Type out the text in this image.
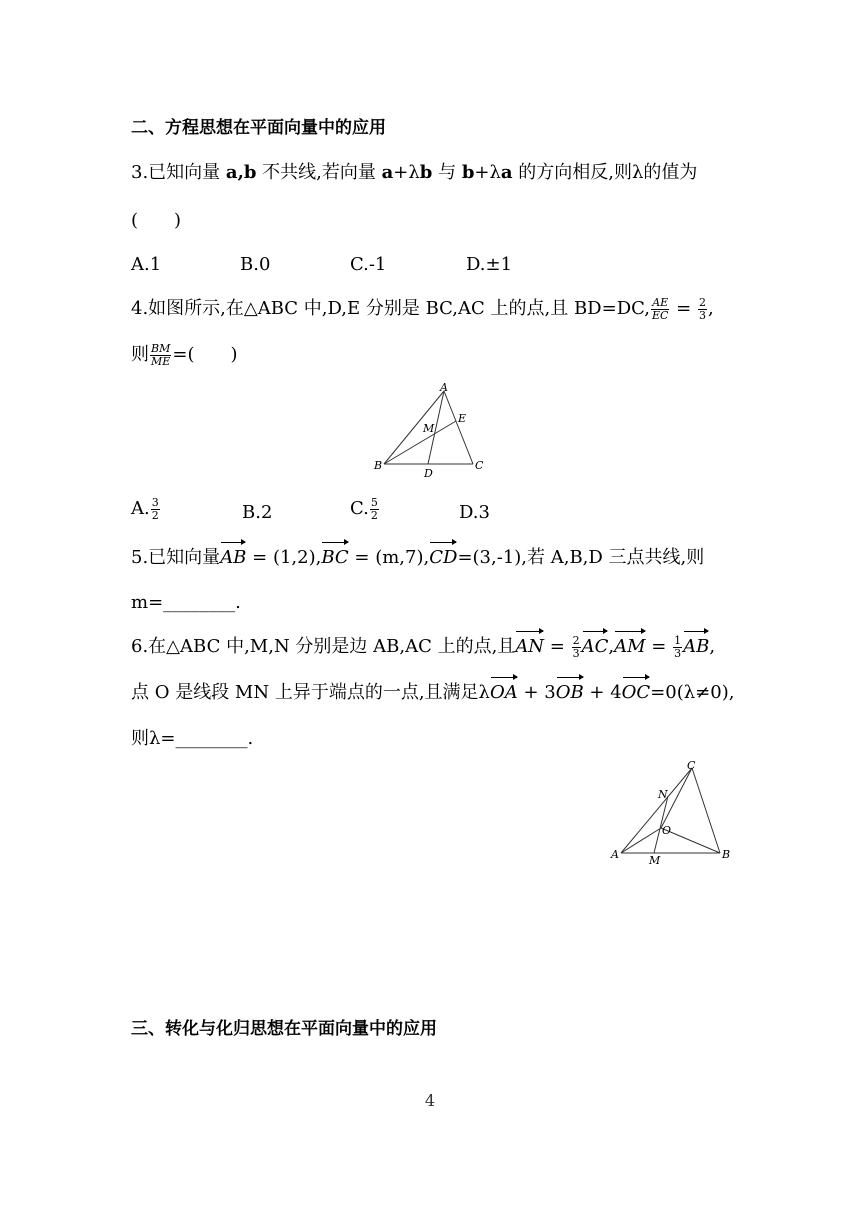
二、方程思想在平面向量中的应用
3.已知向量 a,b 不共线,若向量 a+λb 与 b+λa 的方向相反,则λ的值为
(　　)
A.1	B.0	C.-1	D.±1
4.如图所示,在△ABC 中,D,E 分别是 BC,AC 上的点,且 BD=DC, $\frac{AE}{EC} = \frac{2}{3}$ ,
则 $\frac{BM}{ME}$ =(　　)
A
B	C
D
E
M
A. $\frac{3}{2}$	B.2	C. $\frac{5}{2}$	D.3
5.已知向量AB = (1,2),BC = (m,7),CD=(3,-1),若 A,B,D 三点共线,则
m=________.
6.在△ABC 中,M,N 分别是边 AB,AC 上的点,且AN = $\frac{2}{3} AC,AM = \frac{1}{3}$ AB,
点 O 是线段 MN 上异于端点的一点,且满足λOA + 3OB + 4OC=0(λ≠0),
则λ=________.
A	B
C
M
N
O
三、转化与化归思想在平面向量中的应用
4
